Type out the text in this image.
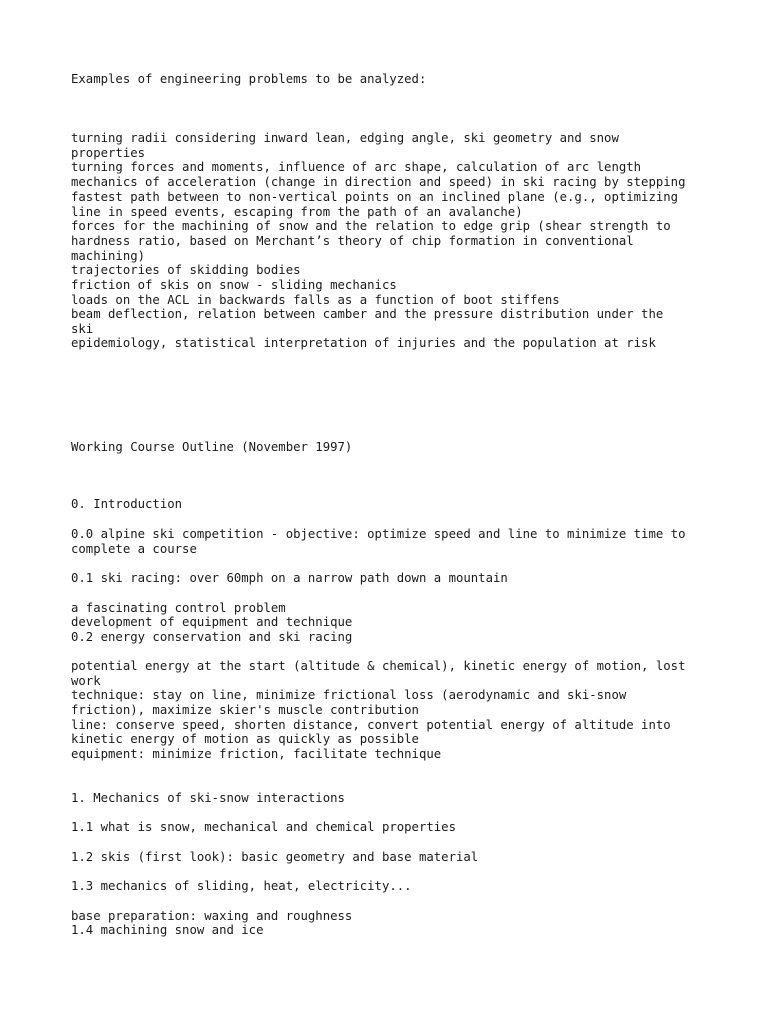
Examples of engineering problems to be analyzed:

turning radii considering inward lean, edging angle, ski geometry and snow

properties

turning forces and moments, influence of arc shape, calculation of arc length

mechanics of acceleration (change in direction and speed) in ski racing by stepping

fastest path between to non-vertical points on an inclined plane (e.g., optimizing

line in speed events, escaping from the path of an avalanche)

forces for the machining of snow and the relation to edge grip (shear strength to

hardness ratio, based on Merchant’s theory of chip formation in conventional

machining)

trajectories of skidding bodies

friction of skis on snow - sliding mechanics

loads on the ACL in backwards falls as a function of boot stiffens

beam deflection, relation between camber and the pressure distribution under the

ski

epidemiology, statistical interpretation of injuries and the population at risk

Working Course Outline (November 1997)

0. Introduction

0.0 alpine ski competition - objective: optimize speed and line to minimize time to

complete a course

0.1 ski racing: over 60mph on a narrow path down a mountain

a fascinating control problem

development of equipment and technique

0.2 energy conservation and ski racing

potential energy at the start (altitude & chemical), kinetic energy of motion, lost

work

technique: stay on line, minimize frictional loss (aerodynamic and ski-snow

friction), maximize skier's muscle contribution

line: conserve speed, shorten distance, convert potential energy of altitude into

kinetic energy of motion as quickly as possible

equipment: minimize friction, facilitate technique

1. Mechanics of ski-snow interactions

1.1 what is snow, mechanical and chemical properties

1.2 skis (first look): basic geometry and base material

1.3 mechanics of sliding, heat, electricity...

base preparation: waxing and roughness

1.4 machining snow and ice
